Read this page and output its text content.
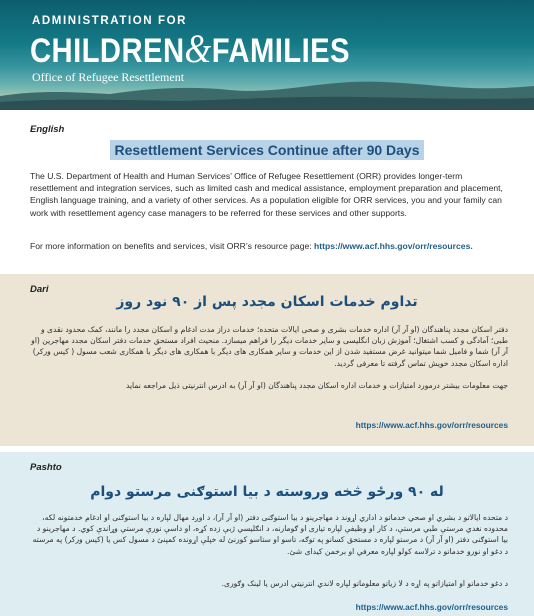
ADMINISTRATION FOR
CHILDREN&FAMILIES
Office of Refugee Resettlement
English
Resettlement Services Continue after 90 Days
The U.S. Department of Health and Human Services’ Office of Refugee Resettlement (ORR) provides longer-term resettlement and integration services, such as limited cash and medical assistance, employment preparation and placement, English language training, and a variety of other services. As a population eligible for ORR services, you and your family can work with resettlement agency case managers to be referred for these services and other supports.
For more information on benefits and services, visit ORR’s resource page: https://www.acf.hhs.gov/orr/resources.
Dari
تداوم خدمات اسکان مجدد پس از ۹۰ نود روز
دفتر اسکان مجدد پناهندگان (او آر آر) اداره خدمات بشری و صحی ایالات متحده؛ خدمات دراز مدت ادغام و اسکان مجدد را مانند، کمک محدود نقدی و طبی؛ آمادگی و کسب اشتغال؛ آموزش زبان انگلیسی و سایر خدمات دیگر را فراهم میسازد. منحیث افراد مستحق خدمات دفتر اسکان مجدد مهاجرین (او آر آر) شما و فامیل شما میتوانید غرض مستفید شدن از این خدمات و سایر همکاری های دیگر با همکاری های دیگر با همکاری شعب مسول ( کیس ورکر) اداره اسکان مجدد خویش تماس گرفته تا معرفی گردید.
جهت معلومات بیشتر درمورد امتیازات و خدمات اداره اسکان مجدد پناهندگان (او آر آر) به ادرس انترنیتی ذیل مراجعه نماید
https://www.acf.hhs.gov/orr/resources
Pashto
له ۹۰ ورځو څخه وروسته د بیا استوګنی مرستو دوام
د متحده ایالاتو د بشري او صحي خدماتو د اداري اړوند د مهاجرینو د بیا استوګنی دفتر (او آر آر)، د اوږد مهال لپاره د بیا استوګنی او ادغام خدمتونه لکه، محدوده نغدي مرستې طبي مرستې، د کار او وظیفې لپاره تیاری او ګومارنه، د انګلیسي ژبې زده کړه، او داسې نورې مرستې وړاندې کوي. د مهاجرینو د بیا استوګنی دفتر (او آر آر) د مرستو لپاره د مستحق کسانو په توګه، تاسو او ستاسو کورنئ له خپلې اړونده کمپنئ د مسول کس یا (کیس ورکر) په مرسته د دغو او نورو خدماتو د ترلاسه کولو لپاره معرفي او برخمن کیدای شئ.
د دغو خدماتو او امتیازاتو په اړه د لا زیاتو معلوماتو لپاره لاندي انترنیتي ادرس یا لینک وګوری.
https://www.acf.hhs.gov/orr/resources
